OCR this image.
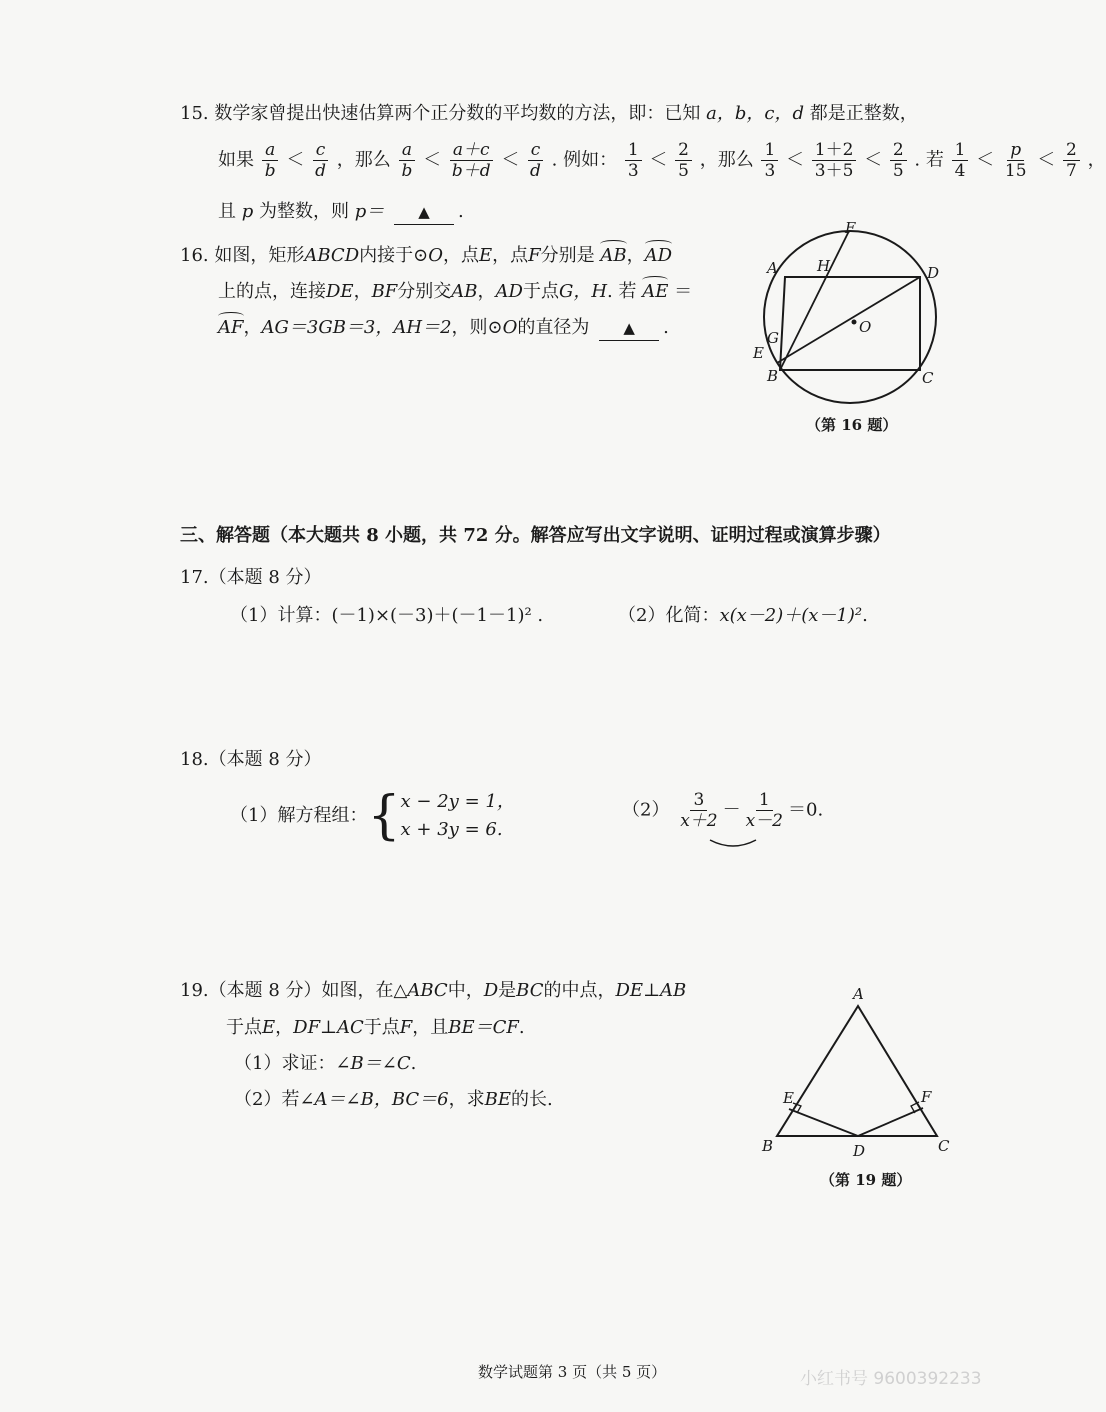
15. 数学家曾提出快速估算两个正分数的平均数的方法，即：已知 a，b，c，d 都是正整数，
如果 $\frac{a}{b} < \frac{c}{d}$ ，那么 $\frac{a}{b} < \frac{a+c}{b+d} < \frac{c}{d}$ . 例如： $\frac{1}{3} < \frac{2}{5}$ ，那么 $\frac{1}{3} < \frac{1+2}{3+5} < \frac{2}{5}$ . 若 $\frac{1}{4} < \frac{p}{15} < \frac{2}{7}$ ，
且 p 为整数，则 p＝ ▲ .
16. 如图，矩形ABCD内接于⊙O，点E，点F分别是 AB，AD
上的点，连接DE，BF分别交AB，AD于点G，H. 若 AE ＝
AF，AG＝3GB＝3，AH＝2，则⊙O的直径为 ▲ .
F
A	H	D
O
G
E
B	C
（第 16 题）
三、解答题（本大题共 8 小题，共 72 分。解答应写出文字说明、证明过程或演算步骤）
17.（本题 8 分）
（1）计算：(－1)×(－3)＋(－1－1)² .	（2）化简：x(x－2)＋(x－1)².
18.（本题 8 分）
（1）解方程组：{ x − 2y = 1，
x + 3y = 6.
$(2) \frac{3}{x+2} - \frac{1}{x-2} =0$.
19.（本题 8 分）如图，在△ABC中，D是BC的中点，DE⊥AB
于点E，DF⊥AC于点F，且BE＝CF.
（1）求证：∠B＝∠C.
（2）若∠A＝∠B，BC＝6，求BE的长.
A
E	F
B	D	C
（第 19 题）
数学试题第 3 页（共 5 页）	小红书号 9600392233
